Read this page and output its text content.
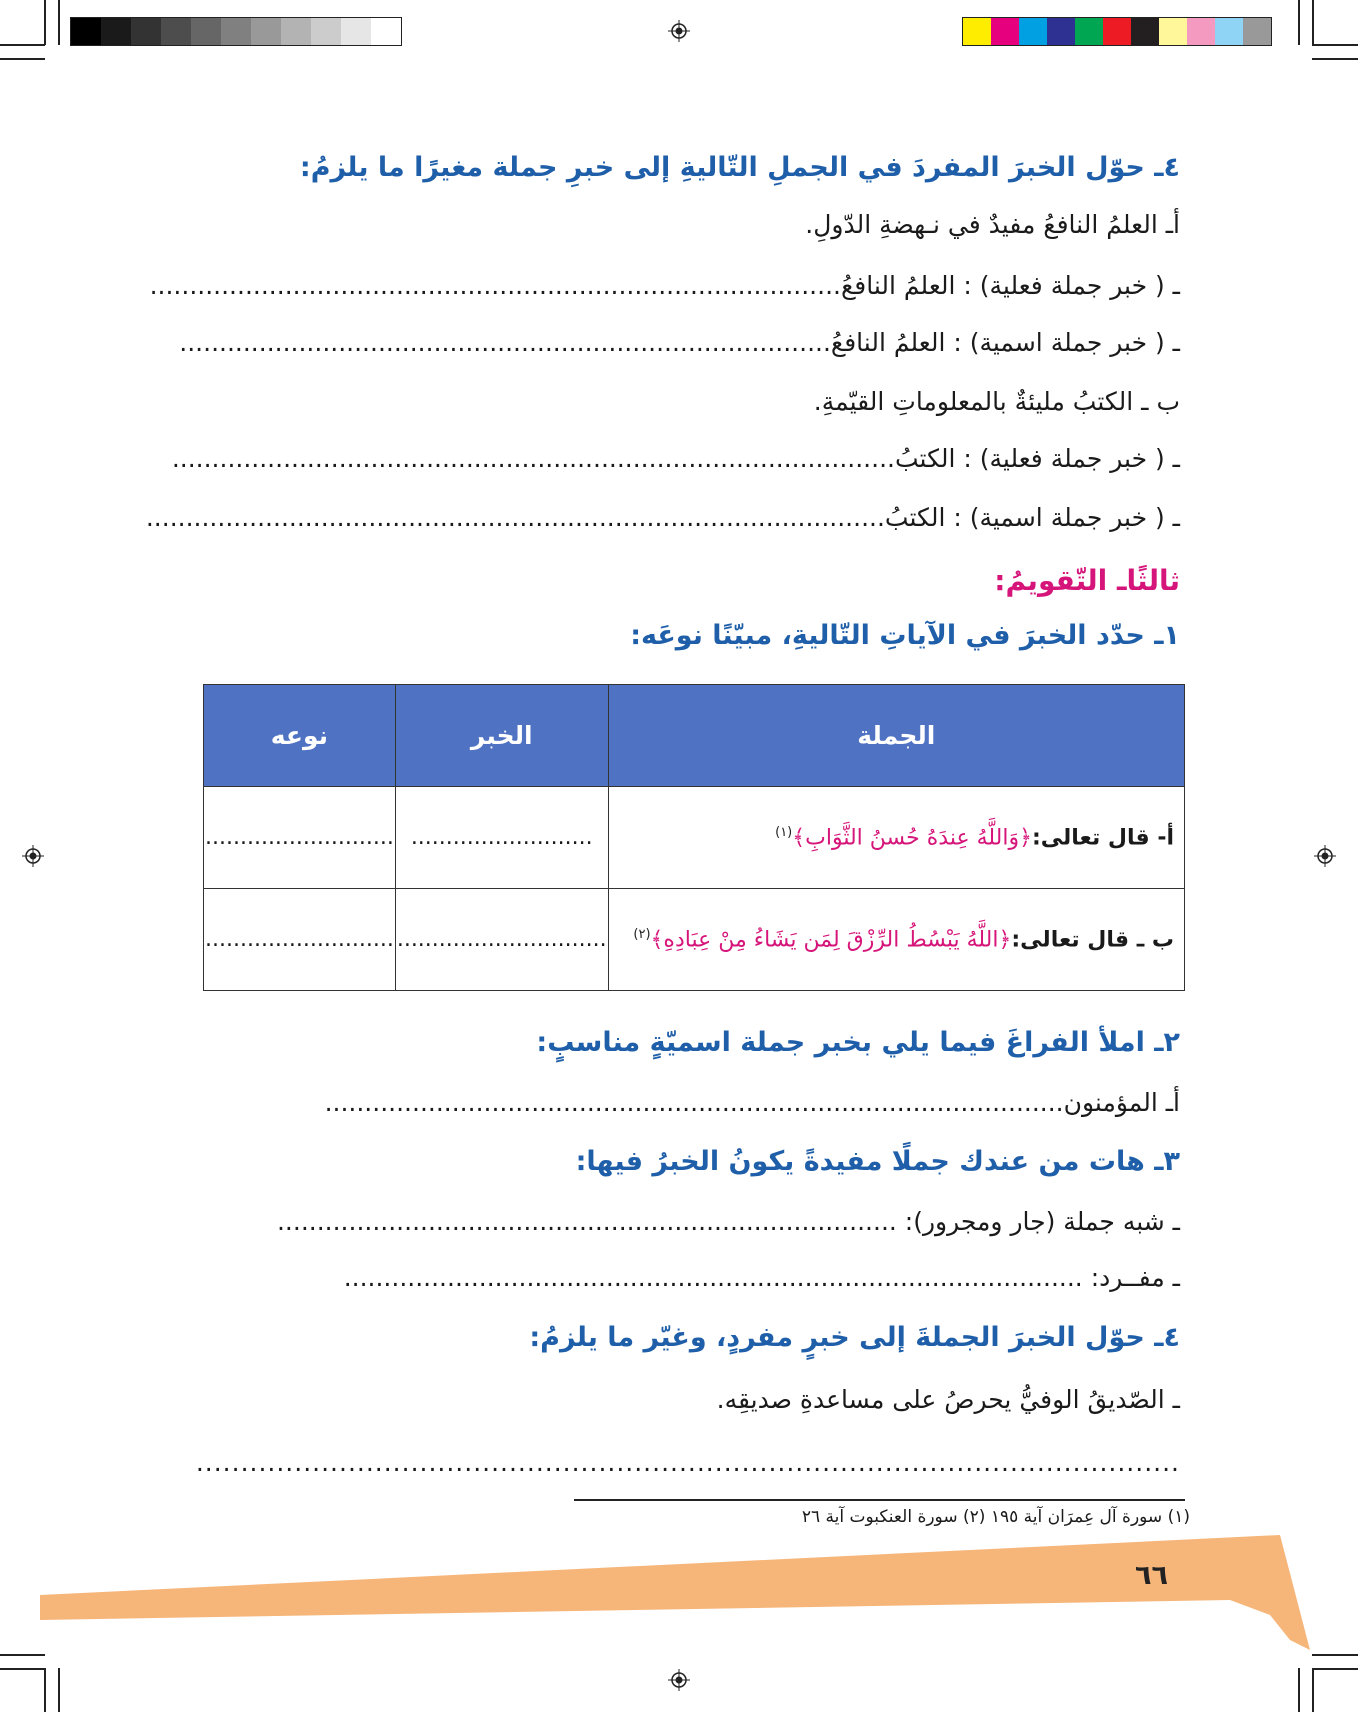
٤ـ حوّل الخبرَ المفردَ في الجملِ التّاليةِ إلى خبرِ جملة مغيرًا ما يلزمُ:
أـ العلمُ النافعُ مفيدٌ في نـهضةِ الدّولِ.
ـ ( خبر جملة فعلية) : العلمُ النافعُ.......................................................................................
ـ ( خبر جملة اسمية) : العلمُ النافعُ..................................................................................
ب ـ الكتبُ مليئةٌ بالمعلوماتِ القيّمةِ.
ـ ( خبر جملة فعلية) : الكتبُ...........................................................................................
ـ ( خبر جملة اسمية) : الكتبُ.............................................................................................
ثالثًاـ التّقويمُ:
١ـ حدّد الخبرَ في الآياتِ التّاليةِ، مبيّنًا نوعَه:
الجملة	الخبر	نوعه
أ- قال تعالى:﴿وَاللَّهُ عِندَهُ حُسنُ الثَّوَابِ﴾$^{(١)}$	..........................	...........................
ب ـ قال تعالى:﴿اللَّهُ يَبْسُطُ الرِّزْقَ لِمَن يَشَاءُ مِنْ عِبَادِهِ﴾$^{(٢)}$	..............................	...........................
٢ـ املأ الفراغَ فيما يلي بخبر جملة اسميّةٍ مناسبٍ:
أـ المؤمنون.............................................................................................
٣ـ هات من عندك جملًا مفيدةً يكونُ الخبرُ فيها:
ـ شبه جملة (جار ومجرور): ..............................................................................
ـ مفــرد: .............................................................................................
٤ـ حوّل الخبرَ الجملةَ إلى خبرٍ مفردٍ، وغيّر ما يلزمُ:
ـ الصّديقُ الوفيُّ يحرصُ على مساعدةِ صديقِه.
..............................................................................................................
(١) سورة آل عِمرَان آية ١٩٥ (٢) سورة العنكبوت آية ٢٦
٦٦
